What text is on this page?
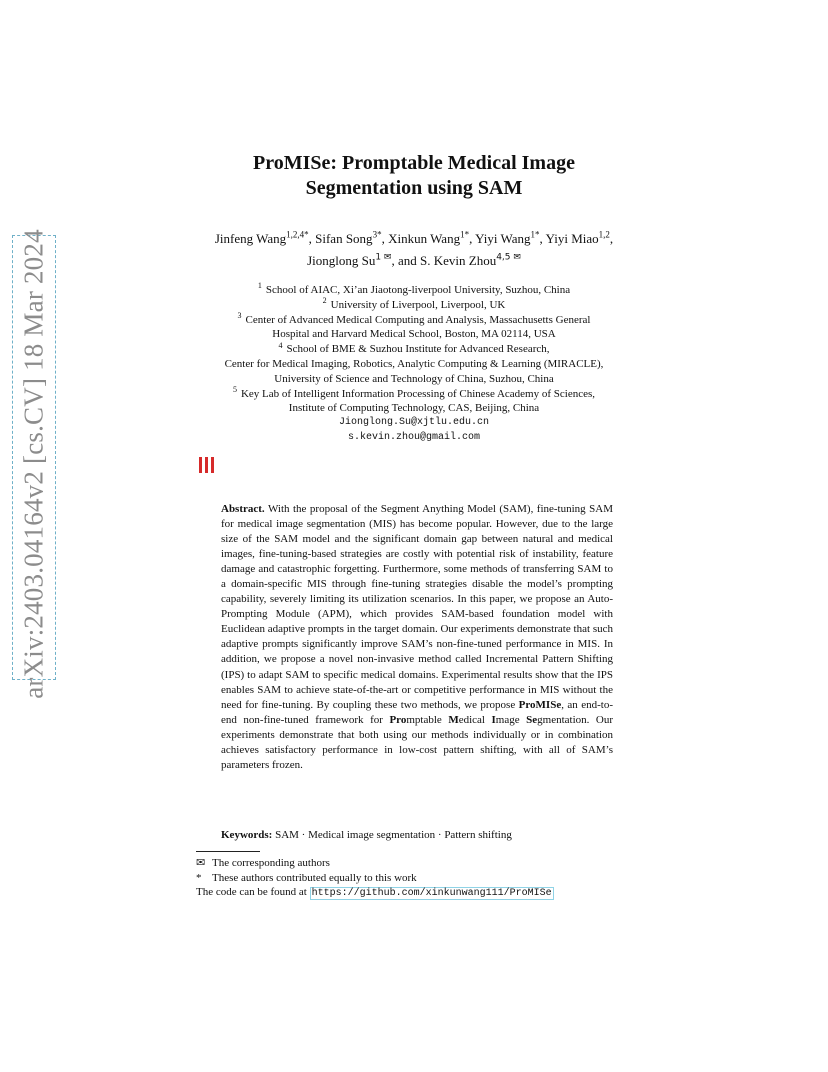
arXiv:2403.04164v2 [cs.CV] 18 Mar 2024
ProMISe: Promptable Medical Image
Segmentation using SAM
Jinfeng Wang$^{1,2,4*}$, Sifan Song$^{3*}$, Xinkun Wang$^{1*}$, Yiyi Wang$^{1*}$, Yiyi Miao$^{1,2}$,
Jionglong $Su^{1 ✉}$, and S. Kevin Zhou$^{4,5 ✉}$
$^1$ School of AIAC, Xi’an Jiaotong-liverpool University, Suzhou, China
$^2$ University of Liverpool, Liverpool, UK
$^3$ Center of Advanced Medical Computing and Analysis, Massachusetts General
Hospital and Harvard Medical School, Boston, MA 02114, USA
$^4$ School of BME & Suzhou Institute for Advanced Research,
Center for Medical Imaging, Robotics, Analytic Computing & Learning (MIRACLE),
University of Science and Technology of China, Suzhou, China
$^5$ Key Lab of Intelligent Information Processing of Chinese Academy of Sciences,
Institute of Computing Technology, CAS, Beijing, China
Jionglong.Su@xjtlu.edu.cn
s.kevin.zhou@gmail.com
Abstract. With the proposal of the Segment Anything Model (SAM), fine-tuning SAM for medical image segmentation (MIS) has become popular. However, due to the large size of the SAM model and the significant domain gap between natural and medical images, fine-tuning-based strategies are costly with potential risk of instability, feature damage and catastrophic forgetting. Furthermore, some methods of transferring SAM to a domain-specific MIS through fine-tuning strategies disable the model’s prompting capability, severely limiting its utilization scenarios. In this paper, we propose an Auto-Prompting Module (APM), which provides SAM-based foundation model with Euclidean adaptive prompts in the target domain. Our experiments demonstrate that such adaptive prompts significantly improve SAM’s non-fine-tuned performance in MIS. In addition, we propose a novel non-invasive method called Incremental Pattern Shifting (IPS) to adapt SAM to specific medical domains. Experimental results show that the IPS enables SAM to achieve state-of-the-art or competitive performance in MIS without the need for fine-tuning. By coupling these two methods, we propose ProMISe, an end-to-end non-fine-tuned framework for Promptable Medical Image Segmentation. Our experiments demonstrate that both using our methods individually or in combination achieves satisfactory performance in low-cost pattern shifting, with all of SAM’s parameters frozen.
Keywords: SAM · Medical image segmentation · Pattern shifting
✉ The corresponding authors
* These authors contributed equally to this work
The code can be found at https://github.com/xinkunwang111/ProMISe
